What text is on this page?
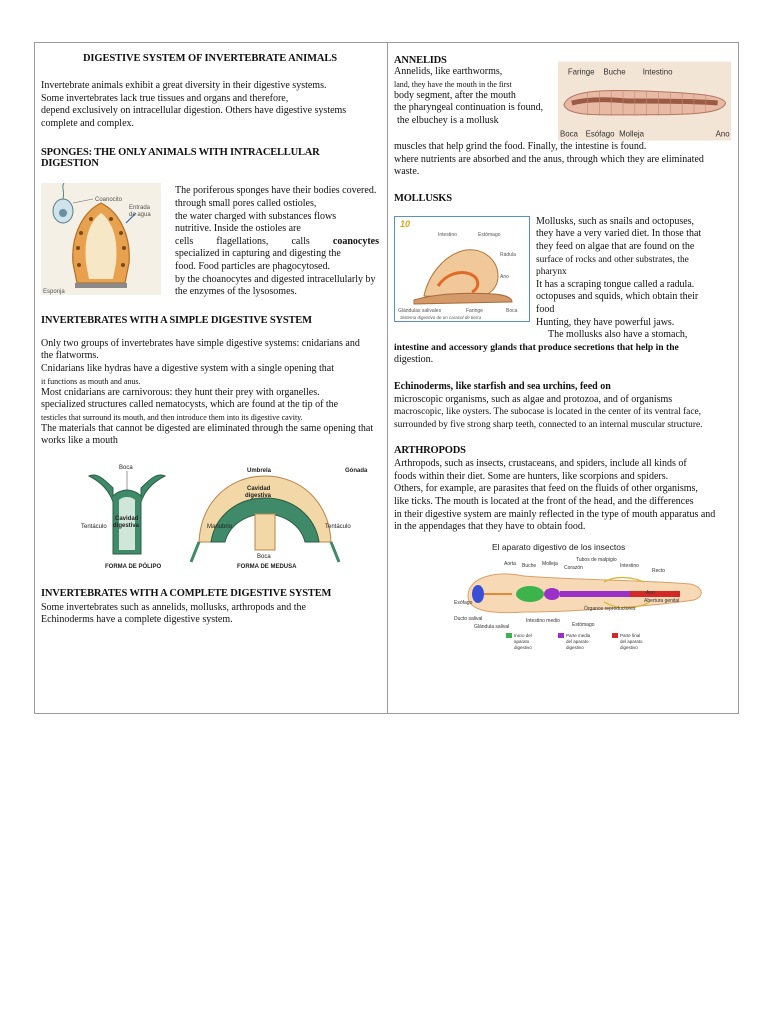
DIGESTIVE SYSTEM OF INVERTEBRATE ANIMALS

Invertebrate animals exhibit a great diversity in their digestive systems.

Some invertebrates lack true tissues and organs and therefore,

depend exclusively on intracellular digestion. Others have digestive systems

complete and complex.

SPONGES: THE ONLY ANIMALS WITH INTRACELLULAR DIGESTION

Coanocito
Entrada
de agua
Esponja

The poriferous sponges have their bodies covered.

through small pores called ostioles,

the water charged with substances flows

nutritive. Inside the ostioles are

cells flagellations, calls coanocytes

specialized in capturing and digesting the

food. Food particles are phagocytosed.

by the choanocytes and digested intracellularly by

the enzymes of the lysosomes.

INVERTEBRATES WITH A SIMPLE DIGESTIVE SYSTEM

Only two groups of invertebrates have simple digestive systems: cnidarians and

the flatworms.

Cnidarians like hydras have a digestive system with a single opening that

it functions as mouth and anus.

Most cnidarians are carnivorous: they hunt their prey with organelles.

specialized structures called nematocysts, which are found at the tip of the

testicles that surround its mouth, and then introduce them into its digestive cavity.

The materials that cannot be digested are eliminated through the same opening that

works like a mouth

Boca
Cavidad
digestiva
Tentáculo
FORMA DE PÓLIPO
Umbrela	Gónada
Cavidad
digestiva
Manubrio	Tentáculo
Boca
FORMA DE MEDUSA

INVERTEBRATES WITH A COMPLETE DIGESTIVE SYSTEM

Some invertebrates such as annelids, mollusks, arthropods and the

Echinoderms have a complete digestive system.

ANNELIDS

Annelids, like earthworms,

land, they have the mouth in the first

body segment, after the mouth

the pharyngeal continuation is found,

the elbuchey is a mollusk

Faringe Buche Intestino
Boca Esófago Molleja	Ano

muscles that help grind the food. Finally, the intestine is found.

where nutrients are absorbed and the anus, through which they are eliminated

waste.

MOLLUSKS

10
Intestino	Estómago
Rádula
Ano
Glándulas salivales	Faringe	Boca
Sistema digestivo de un caracol de tierra

Mollusks, such as snails and octopuses,

they have a very varied diet. In those that

they feed on algae that are found on the

surface of rocks and other substrates, the pharynx

It has a scraping tongue called a radula.

octopuses and squids, which obtain their food

Hunting, they have powerful jaws.

The mollusks also have a stomach,

intestine and accessory glands that produce secretions that help in the

digestion.

Echinoderms, like starfish and sea urchins, feed on

microscopic organisms, such as algae and protozoa, and of organisms

macroscopic, like oysters. The subocase is located in the center of its ventral face,

surrounded by five strong sharp teeth, connected to an internal muscular structure.

ARTHROPODS

Arthropods, such as insects, crustaceans, and spiders, include all kinds of

foods within their diet. Some are hunters, like scorpions and spiders.

Others, for example, are parasites that feed on the fluids of other organisms,

like ticks. The mouth is located at the front of the head, and the differences

in their digestive system are mainly reflected in the type of mouth apparatus and

in the appendages that they have to obtain food.

El aparato digestivo de los insectos
Aorta Buche Molleja
Corazón
Tubos de malpigio
Intestino
Recto
Ano
Abertura genital
Órganos reproductores
Esófago
Ducto salival
Glándula salival
Intestino medio
Estómago
Inicio del
aparato
digestivo
Parte media
del aparato
digestivo
Parte final
del aparato
digestivo
